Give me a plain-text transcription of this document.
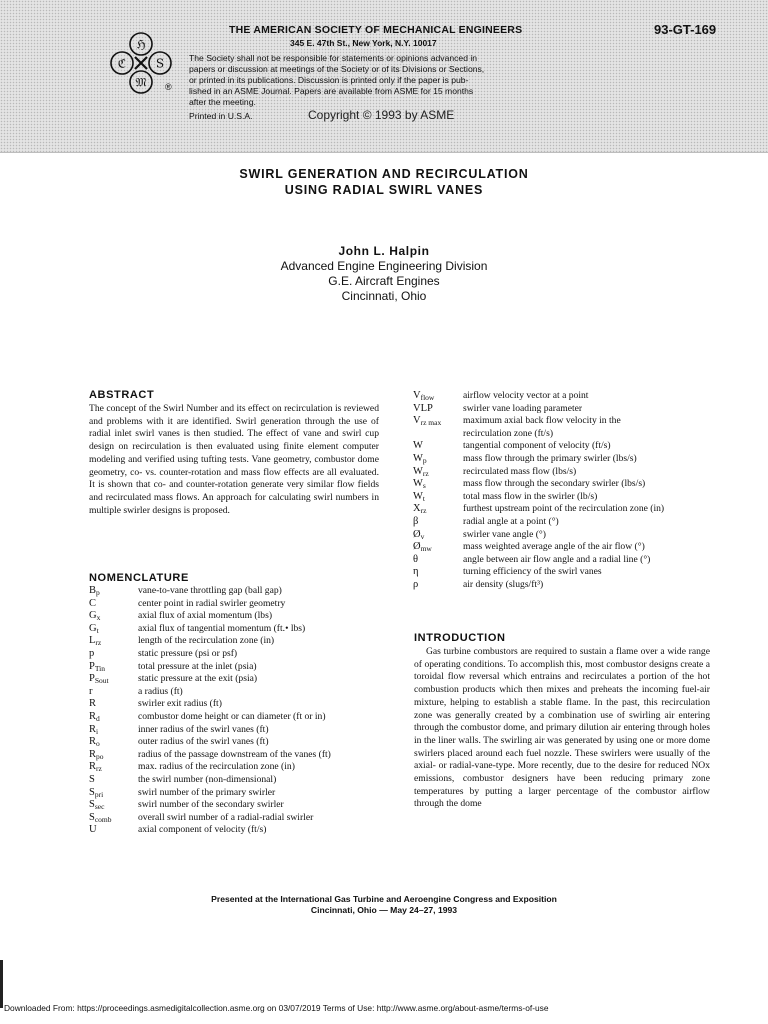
ℌ
ℭ S
𝔐 ®
THE AMERICAN SOCIETY OF MECHANICAL ENGINEERS
345 E. 47th St., New York, N.Y. 10017
93-GT-169
The Society shall not be responsible for statements or opinions advanced in
papers or discussion at meetings of the Society or of its Divisions or Sections,
or printed in its publications. Discussion is printed only if the paper is pub-
lished in an ASME Journal. Papers are available from ASME for 15 months
after the meeting.
Printed in U.S.A.	Copyright © 1993 by ASME
SWIRL GENERATION AND RECIRCULATION
USING RADIAL SWIRL VANES
John L. Halpin
Advanced Engine Engineering Division
G.E. Aircraft Engines
Cincinnati, Ohio
ABSTRACT
The concept of the Swirl Number and its effect on recirculation is reviewed and problems with it are identified. Swirl generation through the use of radial inlet swirl vanes is then studied. The effect of vane and swirl cup design on recirculation is then evaluated using finite element computer modeling and verified using tufting tests. Vane geometry, combustor dome geometry, co- vs. counter-rotation and mass flow effects are all evaluated. It is shown that co- and counter-rotation generate very similar flow fields and recirculated mass flows. An approach for calculating swirl numbers in multiple swirler designs is proposed.
NOMENCLATURE
$B_p$	vane-to-vane throttling gap (ball gap)
C	center point in radial swirler geometry
$G_x$	axial flux of axial momentum (lbs)
$G_t$	axial flux of tangential momentum (ft.• lbs)
$L_{rz}$	length of the recirculation zone (in)
p	static pressure (psi or psf)
$P_{Tin}$	total pressure at the inlet (psia)
$P_{Sout}$	static pressure at the exit (psia)
r	a radius (ft)
R	swirler exit radius (ft)
$R_d$	combustor dome height or can diameter (ft or in)
$R_i$	inner radius of the swirl vanes (ft)
$R_o$	outer radius of the swirl vanes (ft)
$R_{po}$	radius of the passage downstream of the vanes (ft)
$R_{rz}$	max. radius of the recirculation zone (in)
S	the swirl number (non-dimensional)
$S_{pri}$	swirl number of the primary swirler
$S_{sec}$	swirl number of the secondary swirler
$S_{comb}$	overall swirl number of a radial-radial swirler
U	axial component of velocity (ft/s)
$V_{flow}$	airflow velocity vector at a point
VLP	swirler vane loading parameter
$V_{rz max}$	maximum axial back flow velocity in the
recirculation zone (ft/s)
W	tangential component of velocity (ft/s)
$W_p$	mass flow through the primary swirler (lbs/s)
$W_{rz}$	recirculated mass flow (lbs/s)
$W_s$	mass flow through the secondary swirler (lbs/s)
$W_t$	total mass flow in the swirler (lb/s)
$X_{rz}$	furthest upstream point of the recirculation zone (in)
β	radial angle at a point (°)
$Ø_v$	swirler vane angle (°)
$Ø_{mw}$	mass weighted average angle of the air flow (°)
θ	angle between air flow angle and a radial line (°)
η	turning efficiency of the swirl vanes
ρ	air density (slugs/ft³)
INTRODUCTION
Gas turbine combustors are required to sustain a flame over a wide range of operating conditions. To accomplish this, most combustor designs create a toroidal flow reversal which entrains and recirculates a portion of the hot combustion products which then mixes and preheats the incoming fuel-air mixture, helping to establish a stable flame. In the past, this recirculation zone was generally created by a combination use of swirling air entering through the combustor dome, and primary dilution air entering through holes in the liner walls. The swirling air was generated by using one or more dome swirlers placed around each fuel nozzle. These swirlers were usually of the axial- or radial-vane-type. More recently, due to the desire for reduced NOx emissions, combustor designers have been reducing primary zone temperatures by putting a larger percentage of the combustor airflow through the dome
Presented at the International Gas Turbine and Aeroengine Congress and Exposition
Cincinnati, Ohio — May 24–27, 1993
Downloaded From: https://proceedings.asmedigitalcollection.asme.org on 03/07/2019 Terms of Use: http://www.asme.org/about-asme/terms-of-use
